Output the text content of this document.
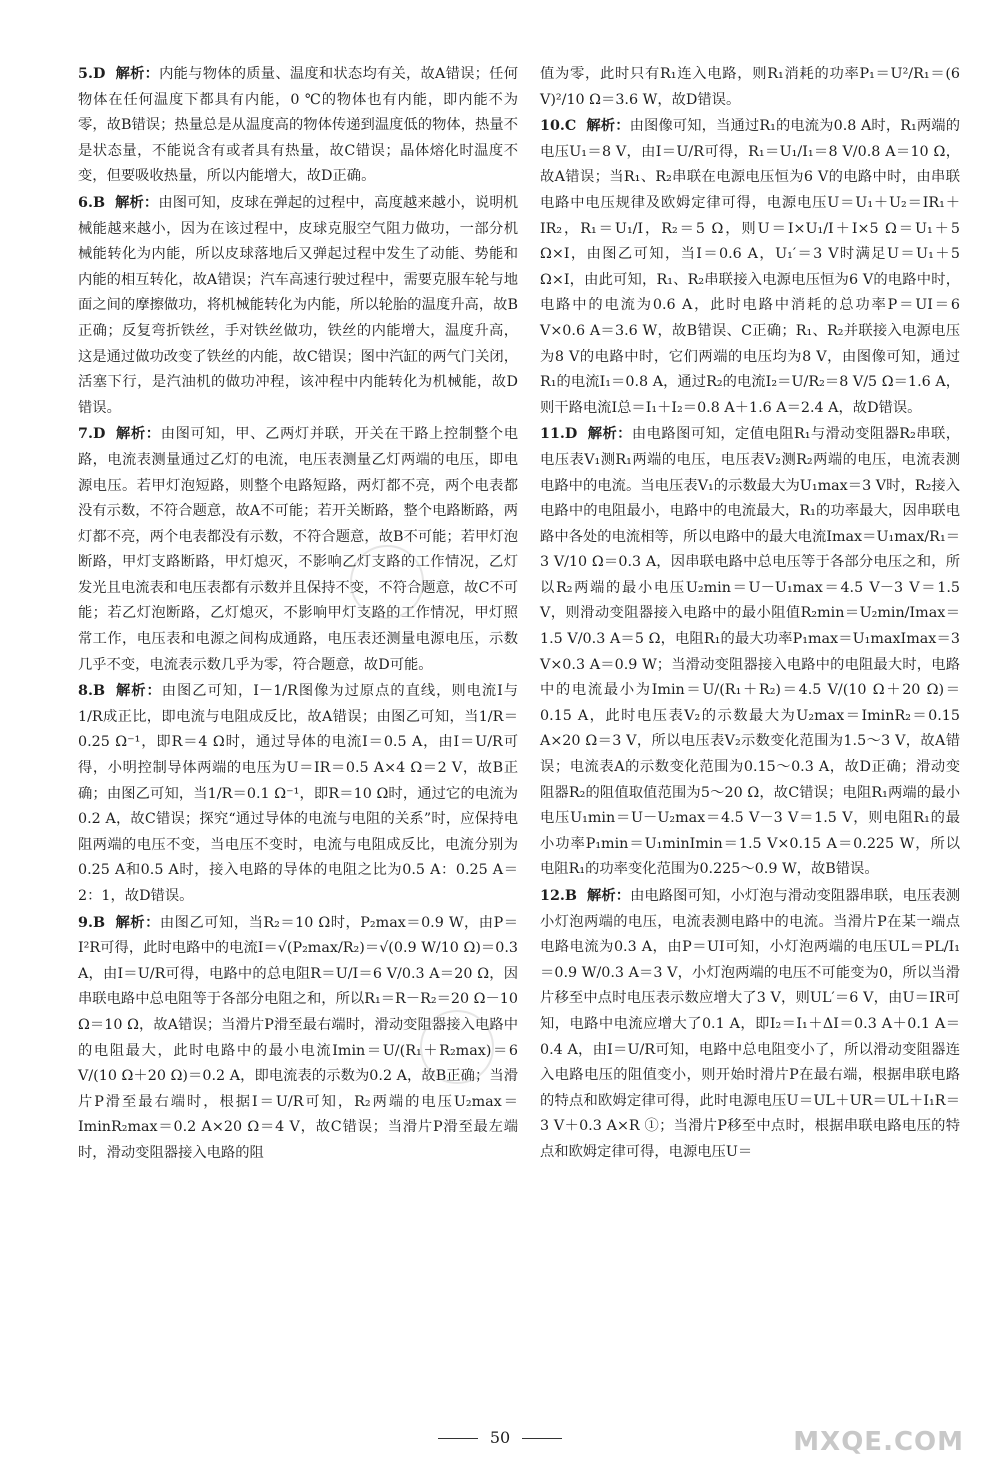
5.D 解析：内能与物体的质量、温度和状态均有关，故A错误；任何物体在任何温度下都具有内能，0 ℃的物体也有内能，即内能不为零，故B错误；热量总是从温度高的物体传递到温度低的物体，热量不是状态量，不能说含有或者具有热量，故C错误；晶体熔化时温度不变，但要吸收热量，所以内能增大，故D正确。

6.B 解析：由图可知，皮球在弹起的过程中，高度越来越小，说明机械能越来越小，因为在该过程中，皮球克服空气阻力做功，一部分机械能转化为内能，所以皮球落地后又弹起过程中发生了动能、势能和内能的相互转化，故A错误；汽车高速行驶过程中，需要克服车轮与地面之间的摩擦做功，将机械能转化为内能，所以轮胎的温度升高，故B正确；反复弯折铁丝，手对铁丝做功，铁丝的内能增大，温度升高，这是通过做功改变了铁丝的内能，故C错误；图中汽缸的两气门关闭，活塞下行，是汽油机的做功冲程，该冲程中内能转化为机械能，故D错误。

7.D 解析：由图可知，甲、乙两灯并联，开关在干路上控制整个电路，电流表测量通过乙灯的电流，电压表测量乙灯两端的电压，即电源电压。若甲灯泡短路，则整个电路短路，两灯都不亮，两个电表都没有示数，不符合题意，故A不可能；若开关断路，整个电路断路，两灯都不亮，两个电表都没有示数，不符合题意，故B不可能；若甲灯泡断路，甲灯支路断路，甲灯熄灭，不影响乙灯支路的工作情况，乙灯发光且电流表和电压表都有示数并且保持不变，不符合题意，故C不可能；若乙灯泡断路，乙灯熄灭，不影响甲灯支路的工作情况，甲灯照常工作，电压表和电源之间构成通路，电压表还测量电源电压，示数几乎不变，电流表示数几乎为零，符合题意，故D可能。

8.B 解析：由图乙可知，I－1/R图像为过原点的直线，则电流I与1/R成正比，即电流与电阻成反比，故A错误；由图乙可知，当1/R＝0.25 Ω⁻¹，即R＝4 Ω时，通过导体的电流I＝0.5 A，由I＝U/R可得，小明控制导体两端的电压为U＝IR＝0.5 A×4 Ω＝2 V，故B正确；由图乙可知，当1/R＝0.1 Ω⁻¹，即R＝10 Ω时，通过它的电流为0.2 A，故C错误；探究“通过导体的电流与电阻的关系”时，应保持电阻两端的电压不变，当电压不变时，电流与电阻成反比，电流分别为0.25 A和0.5 A时，接入电路的导体的电阻之比为0.5 A：0.25 A＝2：1，故D错误。

9.B 解析：由图乙可知，当R₂＝10 Ω时，P₂max＝0.9 W，由P＝I²R可得，此时电路中的电流I＝√(P₂max/R₂)＝√(0.9 W/10 Ω)＝0.3 A，由I＝U/R可得，电路中的总电阻R＝U/I＝6 V/0.3 A＝20 Ω，因串联电路中总电阻等于各部分电阻之和，所以R₁＝R－R₂＝20 Ω－10 Ω＝10 Ω，故A错误；当滑片P滑至最右端时，滑动变阻器接入电路中的电阻最大，此时电路中的最小电流Imin＝U/(R₁＋R₂max)＝6 V/(10 Ω＋20 Ω)＝0.2 A，即电流表的示数为0.2 A，故B正确；当滑片P滑至最右端时，根据I＝U/R可知，R₂两端的电压U₂max＝IminR₂max＝0.2 A×20 Ω＝4 V，故C错误；当滑片P滑至最左端时，滑动变阻器接入电路的阻

值为零，此时只有R₁连入电路，则R₁消耗的功率P₁＝U²/R₁＝(6 V)²/10 Ω＝3.6 W，故D错误。

10.C 解析：由图像可知，当通过R₁的电流为0.8 A时，R₁两端的电压U₁＝8 V，由I＝U/R可得，R₁＝U₁/I₁＝8 V/0.8 A＝10 Ω，故A错误；当R₁、R₂串联在电源电压恒为6 V的电路中时，由串联电路中电压规律及欧姆定律可得，电源电压U＝U₁＋U₂＝IR₁＋IR₂，R₁＝U₁/I，R₂＝5 Ω，则U＝I×U₁/I＋I×5 Ω＝U₁＋5 Ω×I，由图乙可知，当I＝0.6 A，U₁′＝3 V时满足U＝U₁＋5 Ω×I，由此可知，R₁、R₂串联接入电源电压恒为6 V的电路中时，电路中的电流为0.6 A，此时电路中消耗的总功率P＝UI＝6 V×0.6 A＝3.6 W，故B错误、C正确；R₁、R₂并联接入电源电压为8 V的电路中时，它们两端的电压均为8 V，由图像可知，通过R₁的电流I₁＝0.8 A，通过R₂的电流I₂＝U/R₂＝8 V/5 Ω＝1.6 A，则干路电流I总＝I₁＋I₂＝0.8 A＋1.6 A＝2.4 A，故D错误。

11.D 解析：由电路图可知，定值电阻R₁与滑动变阻器R₂串联，电压表V₁测R₁两端的电压，电压表V₂测R₂两端的电压，电流表测电路中的电流。当电压表V₁的示数最大为U₁max＝3 V时，R₂接入电路中的电阻最小，电路中的电流最大，R₁的功率最大，因串联电路中各处的电流相等，所以电路中的最大电流Imax＝U₁max/R₁＝3 V/10 Ω＝0.3 A，因串联电路中总电压等于各部分电压之和，所以R₂两端的最小电压U₂min＝U－U₁max＝4.5 V－3 V＝1.5 V，则滑动变阻器接入电路中的最小阻值R₂min＝U₂min/Imax＝1.5 V/0.3 A＝5 Ω，电阻R₁的最大功率P₁max＝U₁maxImax＝3 V×0.3 A＝0.9 W；当滑动变阻器接入电路中的电阻最大时，电路中的电流最小为Imin＝U/(R₁＋R₂)＝4.5 V/(10 Ω＋20 Ω)＝0.15 A，此时电压表V₂的示数最大为U₂max＝IminR₂＝0.15 A×20 Ω＝3 V，所以电压表V₂示数变化范围为1.5～3 V，故A错误；电流表A的示数变化范围为0.15～0.3 A，故D正确；滑动变阻器R₂的阻值取值范围为5～20 Ω，故C错误；电阻R₁两端的最小电压U₁min＝U－U₂max＝4.5 V－3 V＝1.5 V，则电阻R₁的最小功率P₁min＝U₁minImin＝1.5 V×0.15 A＝0.225 W，所以电阻R₁的功率变化范围为0.225～0.9 W，故B错误。

12.B 解析：由电路图可知，小灯泡与滑动变阻器串联，电压表测小灯泡两端的电压，电流表测电路中的电流。当滑片P在某一端点电路电流为0.3 A，由P＝UI可知，小灯泡两端的电压UL＝PL/I₁＝0.9 W/0.3 A＝3 V，小灯泡两端的电压不可能变为0，所以当滑片移至中点时电压表示数应增大了3 V，则UL′＝6 V，由U＝IR可知，电路中电流应增大了0.1 A，即I₂＝I₁＋ΔI＝0.3 A＋0.1 A＝0.4 A，由I＝U/R可知，电路中总电阻变小了，所以滑动变阻器连入电路电压的阻值变小，则开始时滑片P在最右端，根据串联电路的特点和欧姆定律可得，此时电源电压U＝UL＋UR＝UL＋I₁R＝3 V＋0.3 A×R ①；当滑片P移至中点时，根据串联电路电压的特点和欧姆定律可得，电源电压U＝

50	MXQE.COM
